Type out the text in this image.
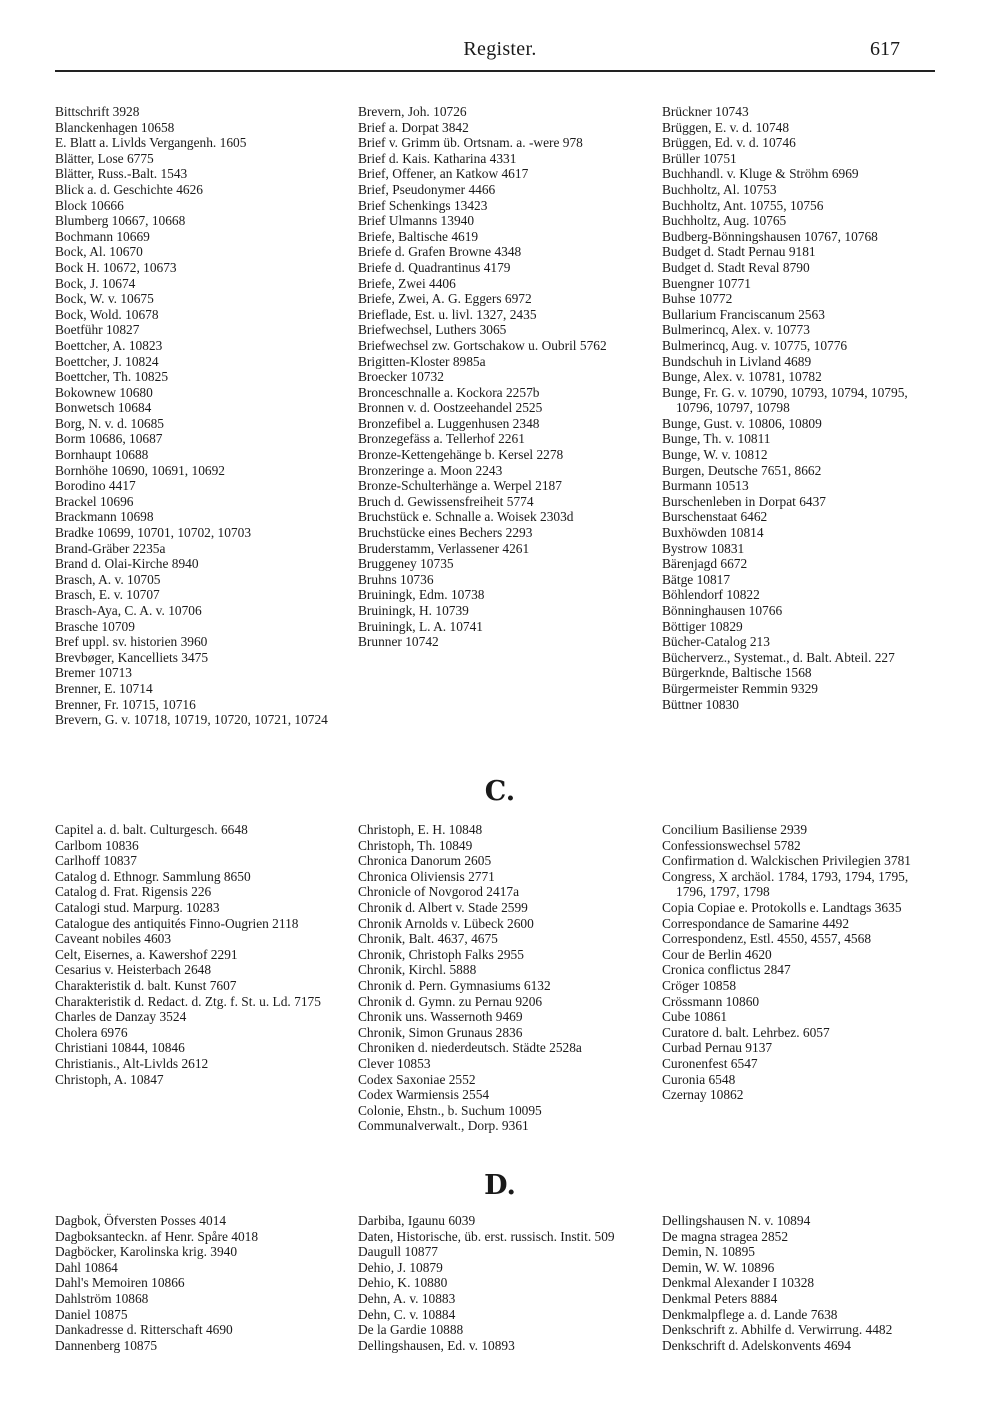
Register.	617
Bittschrift 3928
Blanckenhagen 10658
E. Blatt a. Livlds Vergangenh. 1605
Blätter, Lose 6775
Blätter, Russ.-Balt. 1543
Blick a. d. Geschichte 4626
Block 10666
Blumberg 10667, 10668
Bochmann 10669
Bock, Al. 10670
Bock H. 10672, 10673
Bock, J. 10674
Bock, W. v. 10675
Bock, Wold. 10678
Boetführ 10827
Boettcher, A. 10823
Boettcher, J. 10824
Boettcher, Th. 10825
Bokownew 10680
Bonwetsch 10684
Borg, N. v. d. 10685
Borm 10686, 10687
Bornhaupt 10688
Bornhöhe 10690, 10691, 10692
Borodino 4417
Brackel 10696
Brackmann 10698
Bradke 10699, 10701, 10702, 10703
Brand-Gräber 2235a
Brand d. Olai-Kirche 8940
Brasch, A. v. 10705
Brasch, E. v. 10707
Brasch-Aya, C. A. v. 10706
Brasche 10709
Bref uppl. sv. historien 3960
Brevbøger, Kancelliets 3475
Bremer 10713
Brenner, E. 10714
Brenner, Fr. 10715, 10716
Brevern, G. v. 10718, 10719, 10720, 10721, 10724
Brevern, Joh. 10726
Brief a. Dorpat 3842
Brief v. Grimm üb. Ortsnam. a. -were 978
Brief d. Kais. Katharina 4331
Brief, Offener, an Katkow 4617
Brief, Pseudonymer 4466
Brief Schenkings 13423
Brief Ulmanns 13940
Briefe, Baltische 4619
Briefe d. Grafen Browne 4348
Briefe d. Quadrantinus 4179
Briefe, Zwei 4406
Briefe, Zwei, A. G. Eggers 6972
Brieflade, Est. u. livl. 1327, 2435
Briefwechsel, Luthers 3065
Briefwechsel zw. Gortschakow u. Oubril 5762
Brigitten-Kloster 8985a
Broecker 10732
Bronceschnalle a. Kockora 2257b
Bronnen v. d. Oostzeehandel 2525
Bronzefibel a. Luggenhusen 2348
Bronzegefäss a. Tellerhof 2261
Bronze-Kettengehänge b. Kersel 2278
Bronzeringe a. Moon 2243
Bronze-Schulterhänge a. Werpel 2187
Bruch d. Gewissensfreiheit 5774
Bruchstück e. Schnalle a. Woisek 2303d
Bruchstücke eines Bechers 2293
Bruderstamm, Verlassener 4261
Bruggeney 10735
Bruhns 10736
Bruiningk, Edm. 10738
Bruiningk, H. 10739
Bruiningk, L. A. 10741
Brunner 10742
Brückner 10743
Brüggen, E. v. d. 10748
Brüggen, Ed. v. d. 10746
Brüller 10751
Buchhandl. v. Kluge & Ströhm 6969
Buchholtz, Al. 10753
Buchholtz, Ant. 10755, 10756
Buchholtz, Aug. 10765
Budberg-Bönningshausen 10767, 10768
Budget d. Stadt Pernau 9181
Budget d. Stadt Reval 8790
Buengner 10771
Buhse 10772
Bullarium Franciscanum 2563
Bulmerincq, Alex. v. 10773
Bulmerincq, Aug. v. 10775, 10776
Bundschuh in Livland 4689
Bunge, Alex. v. 10781, 10782
Bunge, Fr. G. v. 10790, 10793, 10794, 10795, 10796, 10797, 10798
Bunge, Gust. v. 10806, 10809
Bunge, Th. v. 10811
Bunge, W. v. 10812
Burgen, Deutsche 7651, 8662
Burmann 10513
Burschenleben in Dorpat 6437
Burschenstaat 6462
Buxhöwden 10814
Bystrow 10831
Bärenjagd 6672
Bätge 10817
Böhlendorf 10822
Bönninghausen 10766
Böttiger 10829
Bücher-Catalog 213
Bücherverz., Systemat., d. Balt. Abteil. 227
Bürgerknde, Baltische 1568
Bürgermeister Remmin 9329
Büttner 10830
C.
Capitel a. d. balt. Culturgesch. 6648
Carlbom 10836
Carlhoff 10837
Catalog d. Ethnogr. Sammlung 8650
Catalog d. Frat. Rigensis 226
Catalogi stud. Marpurg. 10283
Catalogue des antiquités Finno-Ougrien 2118
Caveant nobiles 4603
Celt, Eisernes, a. Kawershof 2291
Cesarius v. Heisterbach 2648
Charakteristik d. balt. Kunst 7607
Charakteristik d. Redact. d. Ztg. f. St. u. Ld. 7175
Charles de Danzay 3524
Cholera 6976
Christiani 10844, 10846
Christianis., Alt-Livlds 2612
Christoph, A. 10847
Christoph, E. H. 10848
Christoph, Th. 10849
Chronica Danorum 2605
Chronica Oliviensis 2771
Chronicle of Novgorod 2417a
Chronik d. Albert v. Stade 2599
Chronik Arnolds v. Lübeck 2600
Chronik, Balt. 4637, 4675
Chronik, Christoph Falks 2955
Chronik, Kirchl. 5888
Chronik d. Pern. Gymnasiums 6132
Chronik d. Gymn. zu Pernau 9206
Chronik uns. Wassernoth 9469
Chronik, Simon Grunaus 2836
Chroniken d. niederdeutsch. Städte 2528a
Clever 10853
Codex Saxoniae 2552
Codex Warmiensis 2554
Colonie, Ehstn., b. Suchum 10095
Communalverwalt., Dorp. 9361
Concilium Basiliense 2939
Confessionswechsel 5782
Confirmation d. Walckischen Privilegien 3781
Congress, X archäol. 1784, 1793, 1794, 1795, 1796, 1797, 1798
Copia Copiae e. Protokolls e. Landtags 3635
Correspondance de Samarine 4492
Correspondenz, Estl. 4550, 4557, 4568
Cour de Berlin 4620
Cronica conflictus 2847
Cröger 10858
Crössmann 10860
Cube 10861
Curatore d. balt. Lehrbez. 6057
Curbad Pernau 9137
Curonenfest 6547
Curonia 6548
Czernay 10862
D.
Dagbok, Öfversten Posses 4014
Dagboksanteckn. af Henr. Spåre 4018
Dagböcker, Karolinska krig. 3940
Dahl 10864
Dahl's Memoiren 10866
Dahlström 10868
Daniel 10875
Dankadresse d. Ritterschaft 4690
Dannenberg 10875
Darbiba, Igaunu 6039
Daten, Historische, üb. erst. russisch. Instit. 509
Daugull 10877
Dehio, J. 10879
Dehio, K. 10880
Dehn, A. v. 10883
Dehn, C. v. 10884
De la Gardie 10888
Dellingshausen, Ed. v. 10893
Dellingshausen N. v. 10894
De magna stragea 2852
Demin, N. 10895
Demin, W. W. 10896
Denkmal Alexander I 10328
Denkmal Peters 8884
Denkmalpflege a. d. Lande 7638
Denkschrift z. Abhilfe d. Verwirrung. 4482
Denkschrift d. Adelskonvents 4694
